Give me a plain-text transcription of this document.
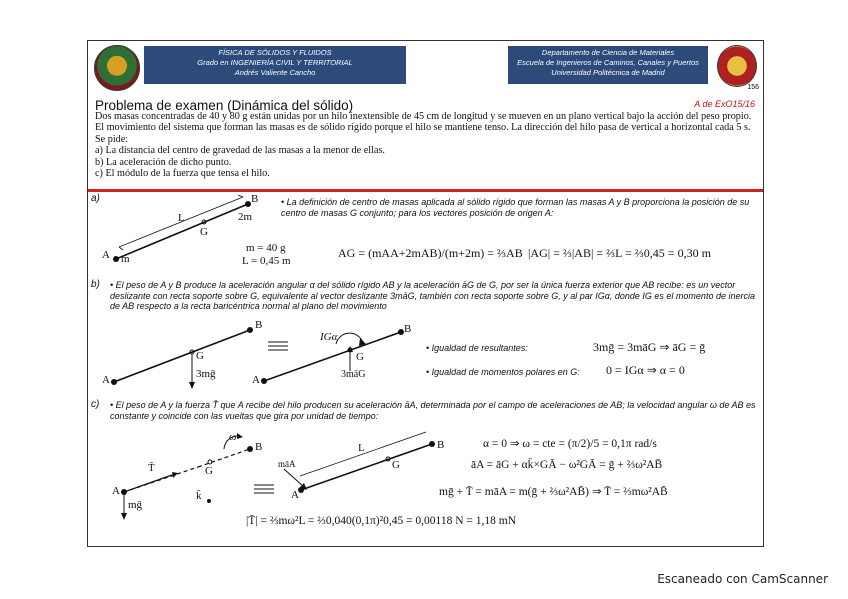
FÍSICA DE SÓLIDOS Y FLUIDOS
Grado en INGENIERÍA CIVIL Y TERRITORIAL
Andrés Valiente Cancho
Departamento de Ciencia de Materiales
Escuela de Ingenieros de Caminos, Canales y Puertos
Universidad Politécnica de Madrid
156
Problema de examen (Dinámica del sólido)	A de ExO15/16

Dos masas concentradas de 40 y 80 g están unidas por un hilo inextensible de 45 cm de longitud y se mueven en un plano vertical bajo la acción del peso propio. El movimiento del sistema que forman las masas es de sólido rígido porque el hilo se mantiene tenso. La dirección del hilo pasa de vertical a horizontal cada 5 s. Se pide:

a) La distancia del centro de gravedad de las masas a la menor de ellas.

b) La aceleración de dicho punto.

c) El módulo de la fuerza que tensa el hilo.

a)	• La definición de centro de masas aplicada al sólido rígido que forman las masas A y B proporciona la posición de su centro de masas G conjunto; para los vectores posición de origen A:
B
2m
L
G
A m
m = 40 g
L = 0,45 m
AG = (mAA+2mAB)/(m+2m) = ⅔AB |AG| = ⅔|AB| = ⅔L = ⅔0,45 = 0,30 m
b) • El peso de A y B produce la aceleración angular α del sólido rígido AB y la aceleración āG de G, por ser la única fuerza exterior que AB recibe: es un vector deslizante con recta soporte sobre G, equivalente al vector deslizante 3māG, también con recta soporte sobre G, y al par IGα, donde IG es el momento de inercia de AB respecto a la recta baricéntrica normal al plano del movimiento
B
G
A	3mḡ
B
G
A
IGα
3māG
• Igualdad de resultantes:	3mḡ = 3māG ⇒ āG = ḡ
• Igualdad de momentos polares en G:	0 = IGα ⇒ α = 0
c) • El peso de A y la fuerza T̄ que A recibe del hilo producen su aceleración āA, determinada por el campo de aceleraciones de AB; la velocidad angular ω de AB es constante y coincide con las vueltas que gira por unidad de tiempo:
B
G
A
T̄
ω
mḡ
k̄
B
G
A
L
māA
α = 0 ⇒ ω = cte = (π/2)/5 = 0,1π rad/s
āA = āG + αk̄×GĀ − ω²GĀ = ḡ + ⅔ω²AB̄
mḡ + T̄ = māA = m(ḡ + ⅔ω²AB̄) ⇒ T̄ = ⅔mω²AB̄
|T̄| = ⅔mω²L = ⅔0,040(0,1π)²0,45 = 0,00118 N = 1,18 mN
Escaneado con CamScanner
